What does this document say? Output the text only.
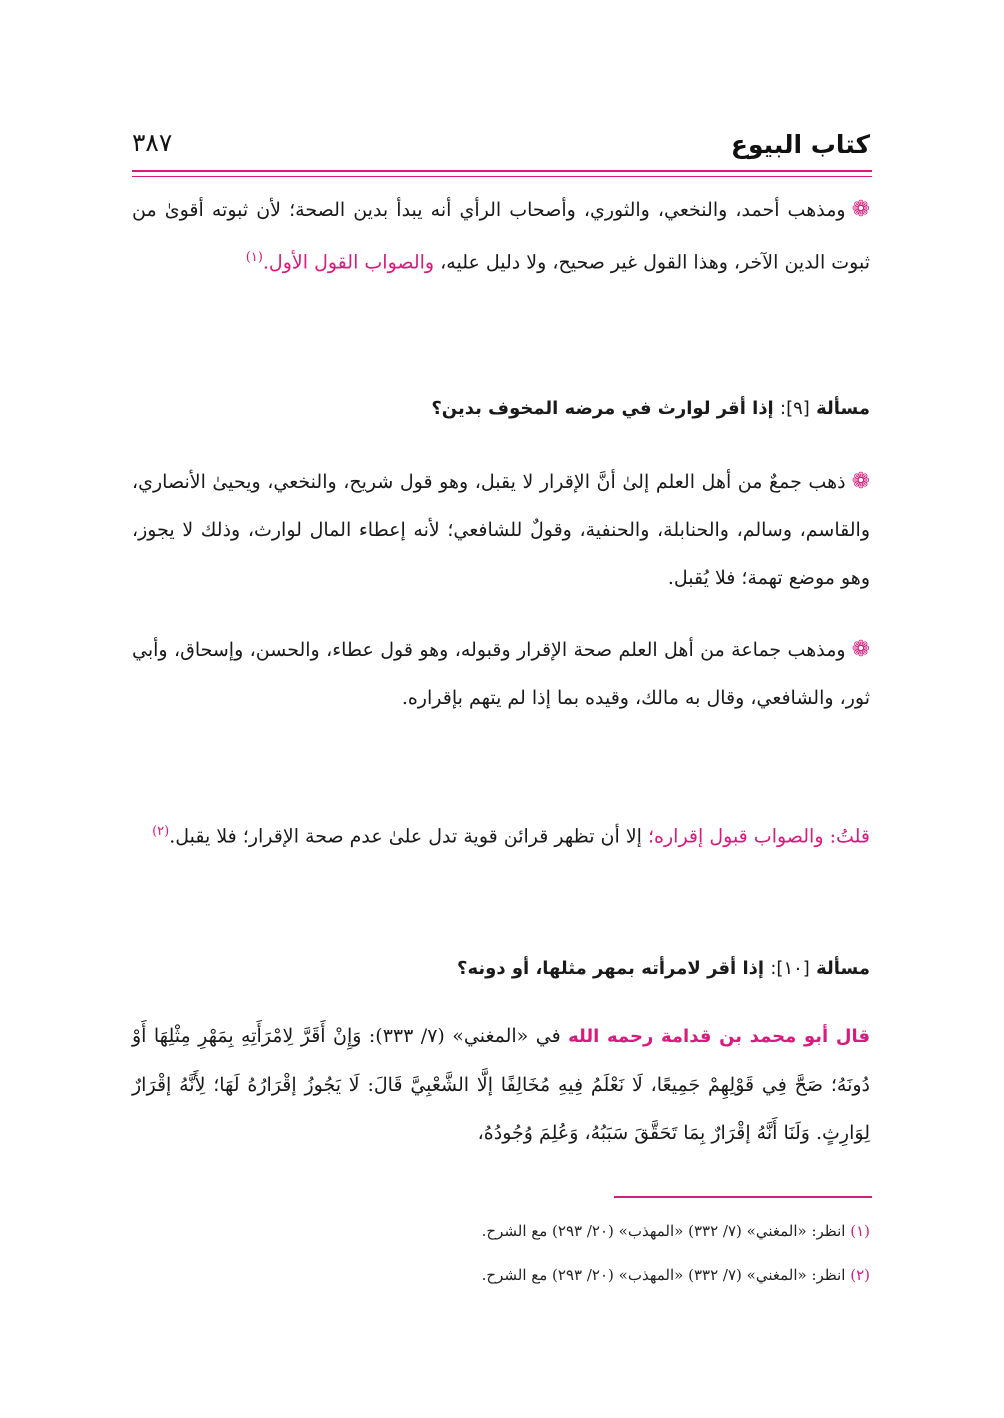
كتاب البيوع
٣٨٧

❁ومذهب أحمد، والنخعي، والثوري، وأصحاب الرأي أنه يبدأ بدين الصحة؛ لأن ثبوته أقوىٰ من ثبوت الدين الآخر، وهذا القول غير صحيح، ولا دليل عليه، والصواب القول الأول.$^{(١)}$

مسألة [٩]: إذا أقر لوارث في مرضه المخوف بدين؟

❁ذهب جمعٌ من أهل العلم إلىٰ أنَّ الإقرار لا يقبل، وهو قول شريح، والنخعي، ويحيىٰ الأنصاري، والقاسم، وسالم، والحنابلة، والحنفية، وقولٌ للشافعي؛ لأنه إعطاء المال لوارث، وذلك لا يجوز، وهو موضع تهمة؛ فلا يُقبل.

❁ومذهب جماعة من أهل العلم صحة الإقرار وقبوله، وهو قول عطاء، والحسن، وإسحاق، وأبي ثور، والشافعي، وقال به مالك، وقيده بما إذا لم يتهم بإقراره.

قلتُ: والصواب قبول إقراره؛ إلا أن تظهر قرائن قوية تدل علىٰ عدم صحة الإقرار؛ فلا يقبل.$^{(٢)}$

مسألة [١٠]: إذا أقر لامرأته بمهر مثلها، أو دونه؟

قال أبو محمد بن قدامة رحمه الله في «المغني» (٧/ ٣٣٣): وَإِنْ أَقَرَّ لِامْرَأَتِهِ بِمَهْرِ مِثْلِهَا أَوْ دُونَهُ؛ صَحَّ فِي قَوْلِهِمْ جَمِيعًا، لَا نَعْلَمُ فِيهِ مُخَالِفًا إلَّا الشَّعْبِيَّ قَالَ: لَا يَجُوزُ إقْرَارُهُ لَهَا؛ لِأَنَّهُ إقْرَارٌ لِوَارِثٍ. وَلَنَا أَنَّهُ إقْرَارٌ بِمَا تَحَقَّقَ سَبَبُهُ، وَعُلِمَ وُجُودُهُ،

(١) انظر: «المغني» (٧/ ٣٣٢) «المهذب» (٢٠/ ٢٩٣) مع الشرح.
(٢) انظر: «المغني» (٧/ ٣٣٢) «المهذب» (٢٠/ ٢٩٣) مع الشرح.
